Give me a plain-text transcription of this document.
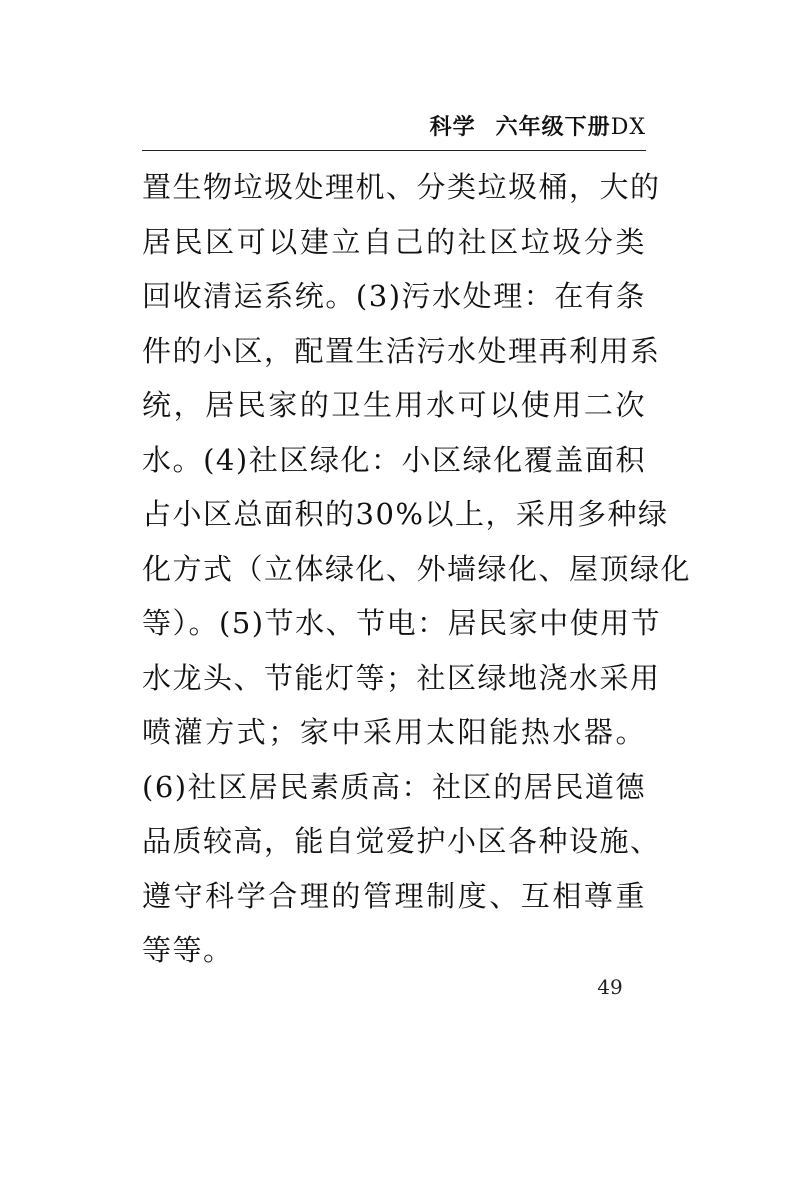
科学 六年级下册DX
置生物垃圾处理机、分类垃圾桶，大的
居民区可以建立自己的社区垃圾分类
回收清运系统。(3)污水处理：在有条
件的小区，配置生活污水处理再利用系
统，居民家的卫生用水可以使用二次
水。(4)社区绿化：小区绿化覆盖面积
占小区总面积的30%以上，采用多种绿
化方式（立体绿化、外墙绿化、屋顶绿化
等）。(5)节水、节电：居民家中使用节
水龙头、节能灯等；社区绿地浇水采用
喷灌方式；家中采用太阳能热水器。
(6)社区居民素质高：社区的居民道德
品质较高，能自觉爱护小区各种设施、
遵守科学合理的管理制度、互相尊重
等等。
49
